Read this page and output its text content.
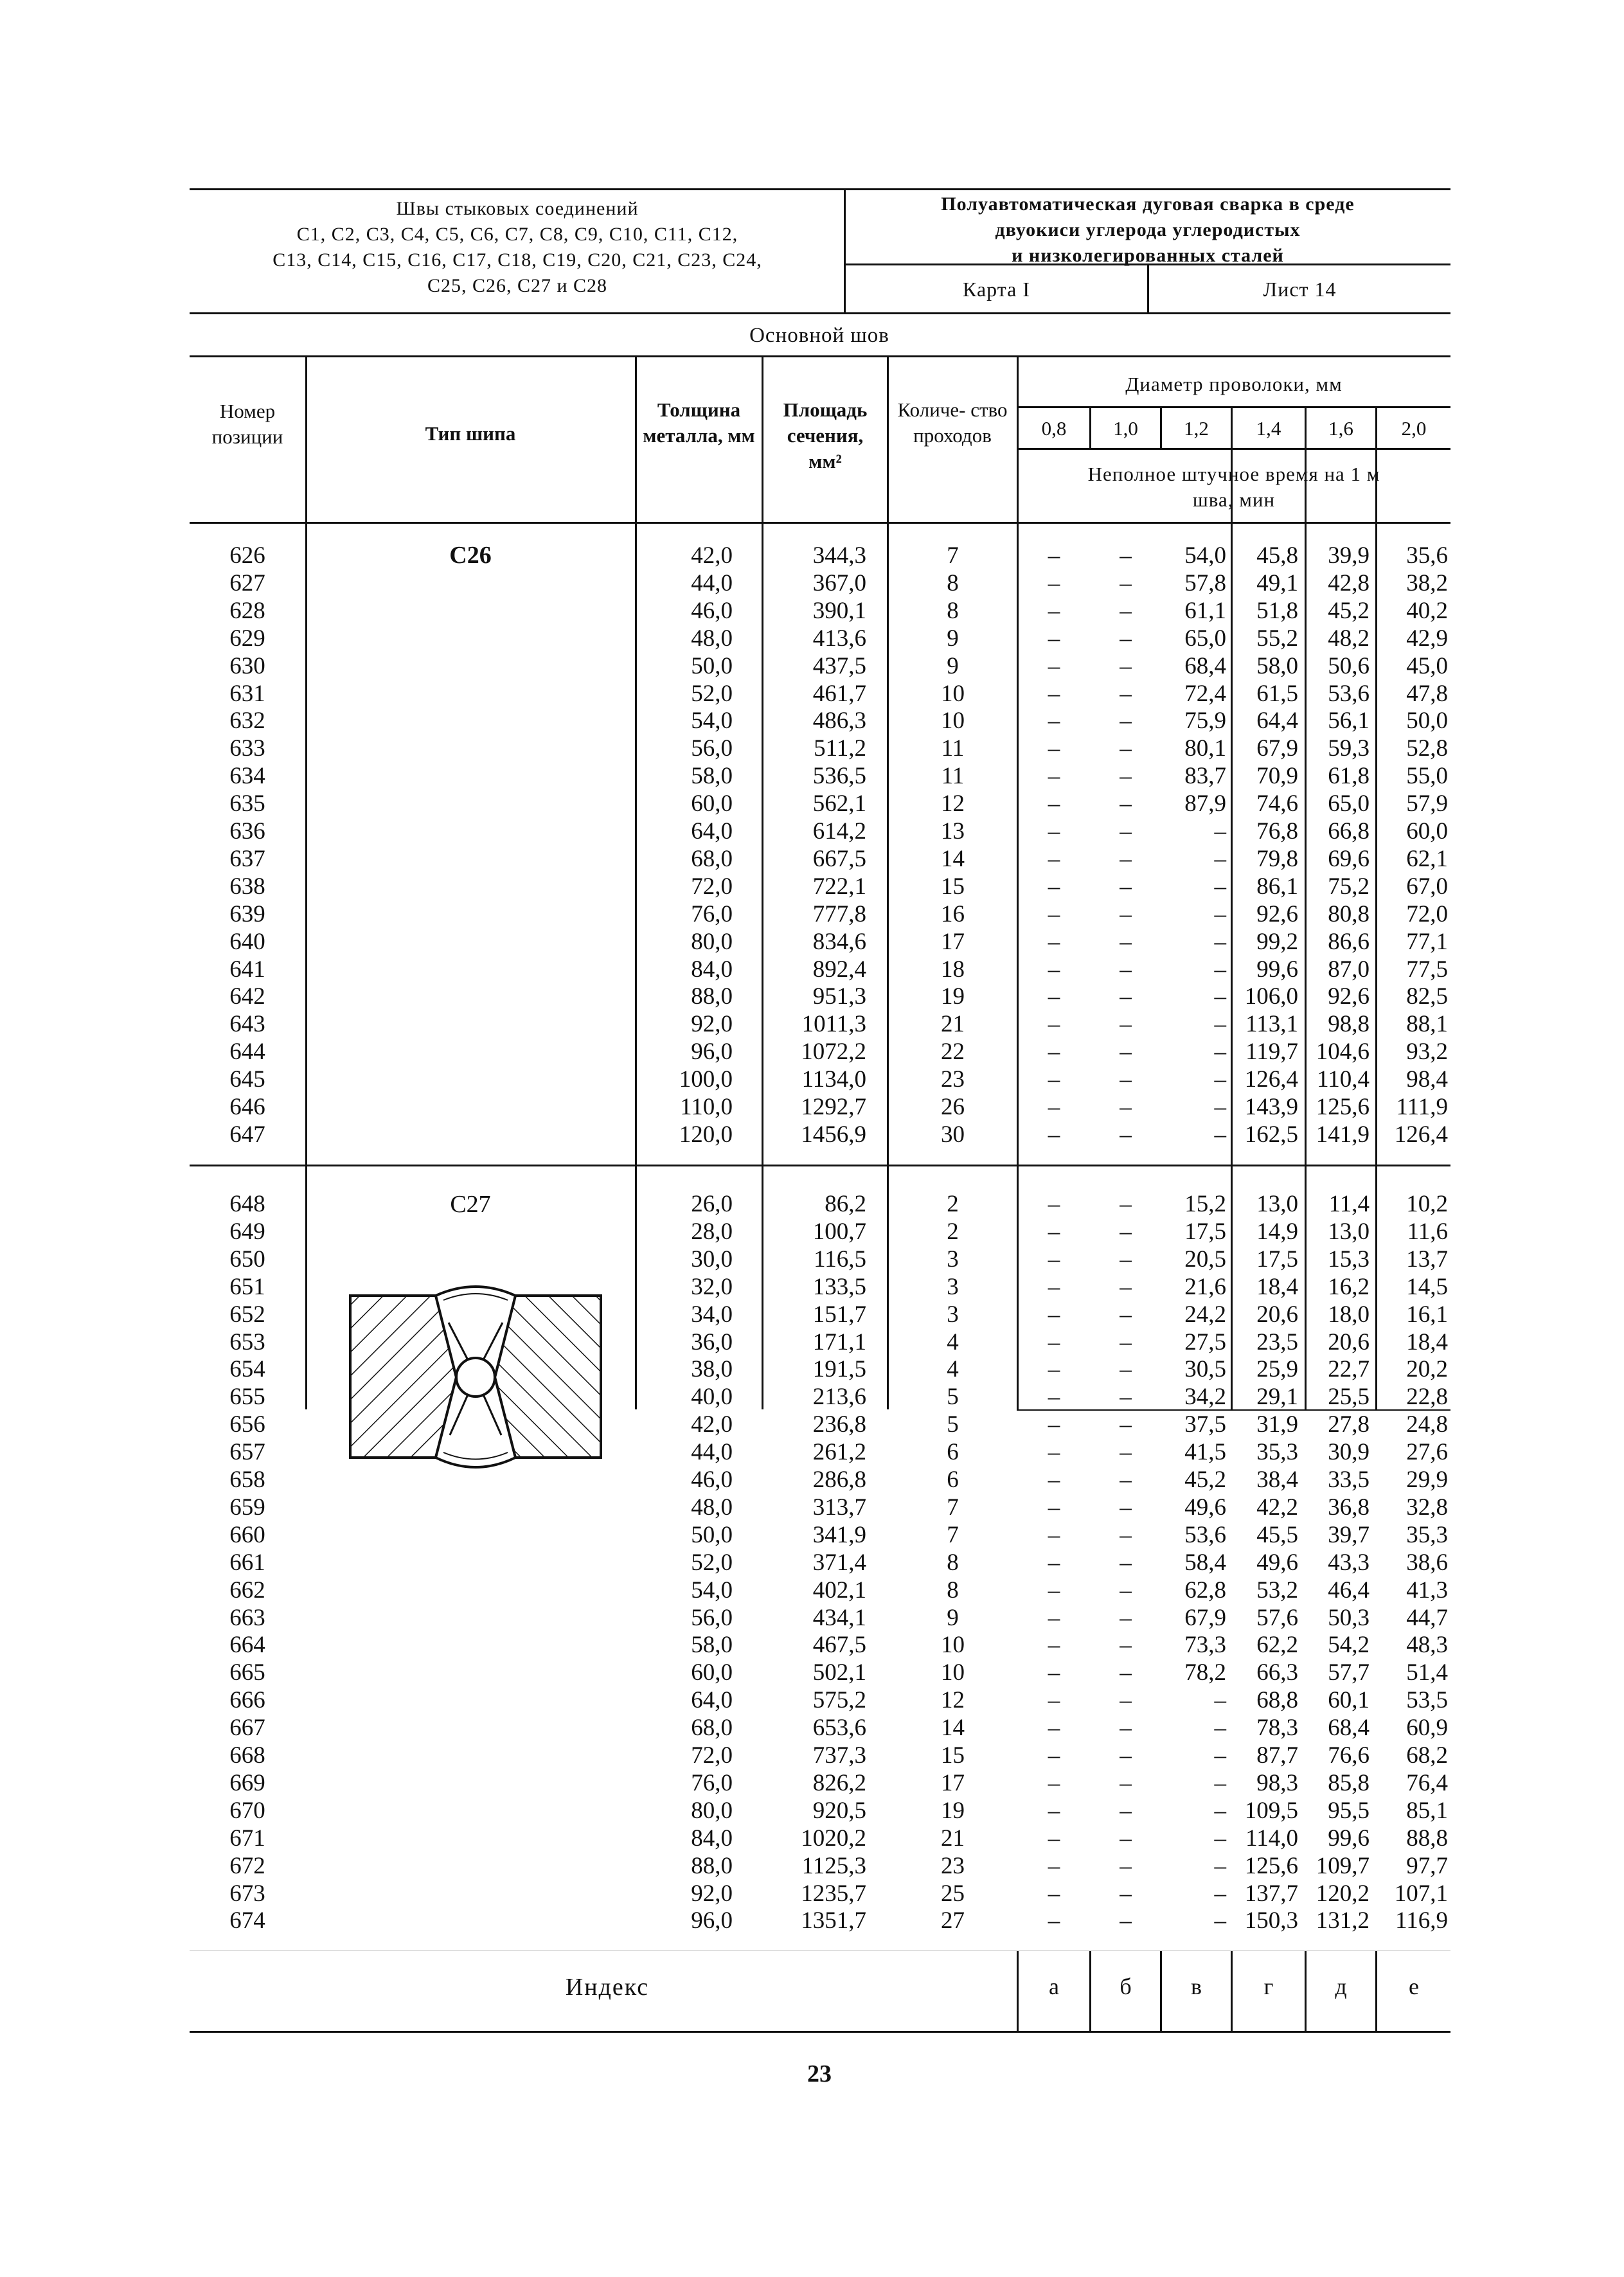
Швы стыковых соединений
С1, С2, С3, С4, С5, С6, С7, С8, С9, С10, С11, С12,
С13, С14, С15, С16, С17, С18, С19, С20, С21, С23, С24,
С25, С26, С27 и С28
Полуавтоматическая дуговая сварка в среде
двуокиси углерода углеродистых
и низколегированных сталей
Карта I	Лист 14
Основной шов
Номер позиции	Тип шипа
Толщина металла, мм
Площадь сечения, мм²
Количе- ство проходов
Диаметр проволоки, мм
0,8	1,0	1,2	1,4	1,6	2,0
Неполное штучное время на 1 м шва, мин
С26
С27
626	42,0	344,3	7	–	–	54,0	45,8	39,9	35,6
627	44,0	367,0	8	–	–	57,8	49,1	42,8	38,2
628	46,0	390,1	8	–	–	61,1	51,8	45,2	40,2
629	48,0	413,6	9	–	–	65,0	55,2	48,2	42,9
630	50,0	437,5	9	–	–	68,4	58,0	50,6	45,0
631	52,0	461,7	10	–	–	72,4	61,5	53,6	47,8
632	54,0	486,3	10	–	–	75,9	64,4	56,1	50,0
633	56,0	511,2	11	–	–	80,1	67,9	59,3	52,8
634	58,0	536,5	11	–	–	83,7	70,9	61,8	55,0
635	60,0	562,1	12	–	–	87,9	74,6	65,0	57,9
636	64,0	614,2	13	–	–	–	76,8	66,8	60,0
637	68,0	667,5	14	–	–	–	79,8	69,6	62,1
638	72,0	722,1	15	–	–	–	86,1	75,2	67,0
639	76,0	777,8	16	–	–	–	92,6	80,8	72,0
640	80,0	834,6	17	–	–	–	99,2	86,6	77,1
641	84,0	892,4	18	–	–	–	99,6	87,0	77,5
642	88,0	951,3	19	–	–	– 106,0	92,6	82,5
643	92,0	1011,3	21	–	–	– 113,1	98,8	88,1
644	96,0	1072,2	22	–	–	– 119,7 104,6	93,2
645	100,0	1134,0	23	–	–	– 126,4 110,4	98,4
646	110,0	1292,7	26	–	–	– 143,9 125,6	111,9
647	120,0	1456,9	30	–	–	– 162,5 141,9	126,4
648	26,0	86,2	2	–	–	15,2	13,0	11,4	10,2
649	28,0	100,7	2	–	–	17,5	14,9	13,0	11,6
650	30,0	116,5	3	–	–	20,5	17,5	15,3	13,7
651	32,0	133,5	3	–	–	21,6	18,4	16,2	14,5
652	34,0	151,7	3	–	–	24,2	20,6	18,0	16,1
653	36,0	171,1	4	–	–	27,5	23,5	20,6	18,4
654	38,0	191,5	4	–	–	30,5	25,9	22,7	20,2
655	40,0	213,6	5	–	–	34,2	29,1	25,5	22,8
656	42,0	236,8	5	–	–	37,5	31,9	27,8	24,8
657	44,0	261,2	6	–	–	41,5	35,3	30,9	27,6
658	46,0	286,8	6	–	–	45,2	38,4	33,5	29,9
659	48,0	313,7	7	–	–	49,6	42,2	36,8	32,8
660	50,0	341,9	7	–	–	53,6	45,5	39,7	35,3
661	52,0	371,4	8	–	–	58,4	49,6	43,3	38,6
662	54,0	402,1	8	–	–	62,8	53,2	46,4	41,3
663	56,0	434,1	9	–	–	67,9	57,6	50,3	44,7
664	58,0	467,5	10	–	–	73,3	62,2	54,2	48,3
665	60,0	502,1	10	–	–	78,2	66,3	57,7	51,4
666	64,0	575,2	12	–	–	–	68,8	60,1	53,5
667	68,0	653,6	14	–	–	–	78,3	68,4	60,9
668	72,0	737,3	15	–	–	–	87,7	76,6	68,2
669	76,0	826,2	17	–	–	–	98,3	85,8	76,4
670	80,0	920,5	19	–	–	– 109,5	95,5	85,1
671	84,0	1020,2	21	–	–	– 114,0	99,6	88,8
672	88,0	1125,3	23	–	–	– 125,6 109,7	97,7
673	92,0	1235,7	25	–	–	– 137,7 120,2	107,1
674	96,0	1351,7	27	–	–	– 150,3 131,2	116,9
Индекс	а	б	в	г	д	е
23
